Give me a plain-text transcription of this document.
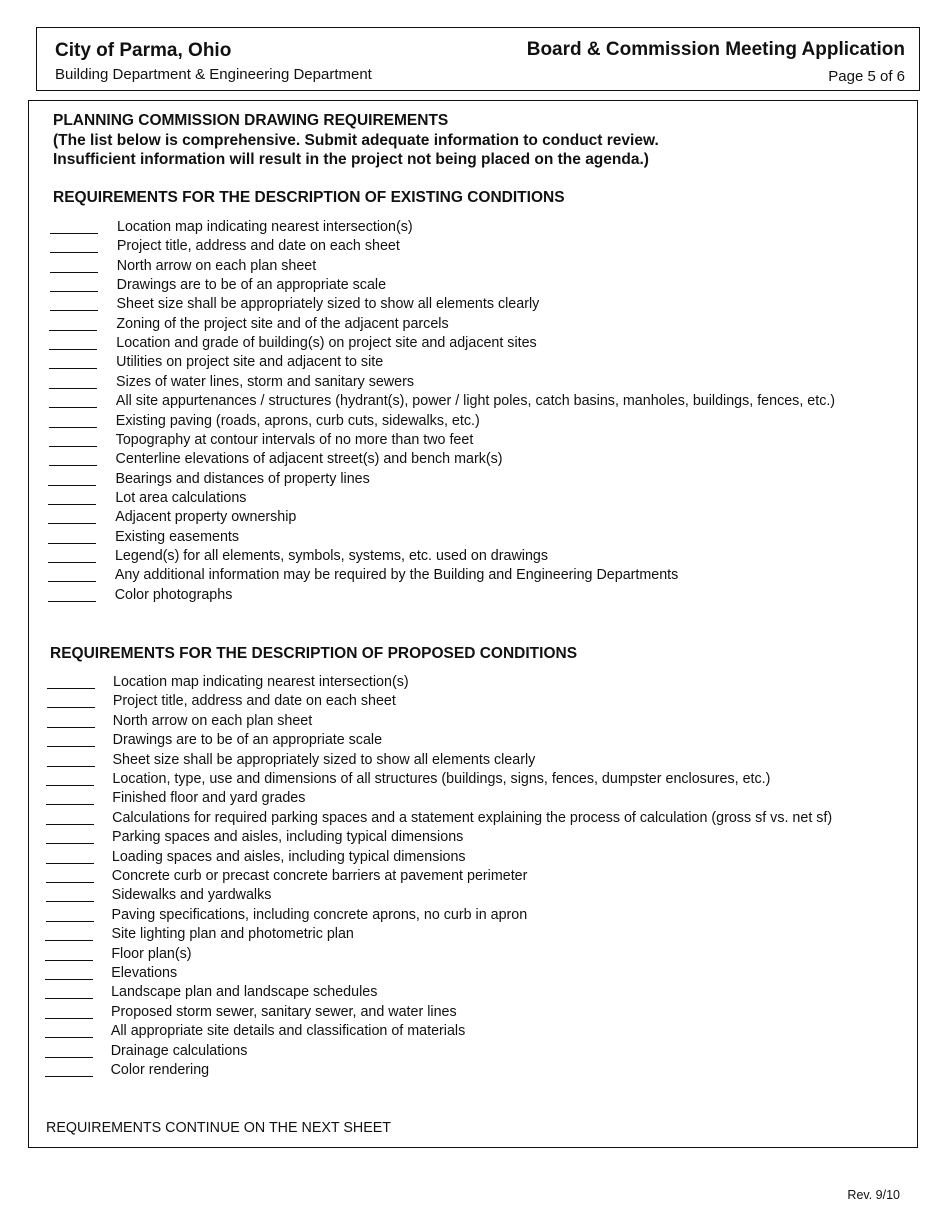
City of Parma, Ohio
Building Department & Engineering Department
Board & Commission Meeting Application
Page 5 of 6
PLANNING COMMISSION DRAWING REQUIREMENTS
(The list below is comprehensive. Submit adequate information to conduct review.
Insufficient information will result in the project not being placed on the agenda.)
REQUIREMENTS FOR THE DESCRIPTION OF EXISTING CONDITIONS
Location map indicating nearest intersection(s)
Project title, address and date on each sheet
North arrow on each plan sheet
Drawings are to be of an appropriate scale
Sheet size shall be appropriately sized to show all elements clearly
Zoning of the project site and of the adjacent parcels
Location and grade of building(s) on project site and adjacent sites
Utilities on project site and adjacent to site
Sizes of water lines, storm and sanitary sewers
All site appurtenances / structures (hydrant(s), power / light poles, catch basins, manholes, buildings, fences, etc.)
Existing paving (roads, aprons, curb cuts, sidewalks, etc.)
Topography at contour intervals of no more than two feet
Centerline elevations of adjacent street(s) and bench mark(s)
Bearings and distances of property lines
Lot area calculations
Adjacent property ownership
Existing easements
Legend(s) for all elements, symbols, systems, etc. used on drawings
Any additional information may be required by the Building and Engineering Departments
Color photographs
REQUIREMENTS FOR THE DESCRIPTION OF PROPOSED CONDITIONS
Location map indicating nearest intersection(s)
Project title, address and date on each sheet
North arrow on each plan sheet
Drawings are to be of an appropriate scale
Sheet size shall be appropriately sized to show all elements clearly
Location, type, use and dimensions of all structures (buildings, signs, fences, dumpster enclosures, etc.)
Finished floor and yard grades
Calculations for required parking spaces and a statement explaining the process of calculation (gross sf vs. net sf)
Parking spaces and aisles, including typical dimensions
Loading spaces and aisles, including typical dimensions
Concrete curb or precast concrete barriers at pavement perimeter
Sidewalks and yardwalks
Paving specifications, including concrete aprons, no curb in apron
Site lighting plan and photometric plan
Floor plan(s)
Elevations
Landscape plan and landscape schedules
Proposed storm sewer, sanitary sewer, and water lines
All appropriate site details and classification of materials
Drainage calculations
Color rendering
REQUIREMENTS CONTINUE ON THE NEXT SHEET
Rev. 9/10
